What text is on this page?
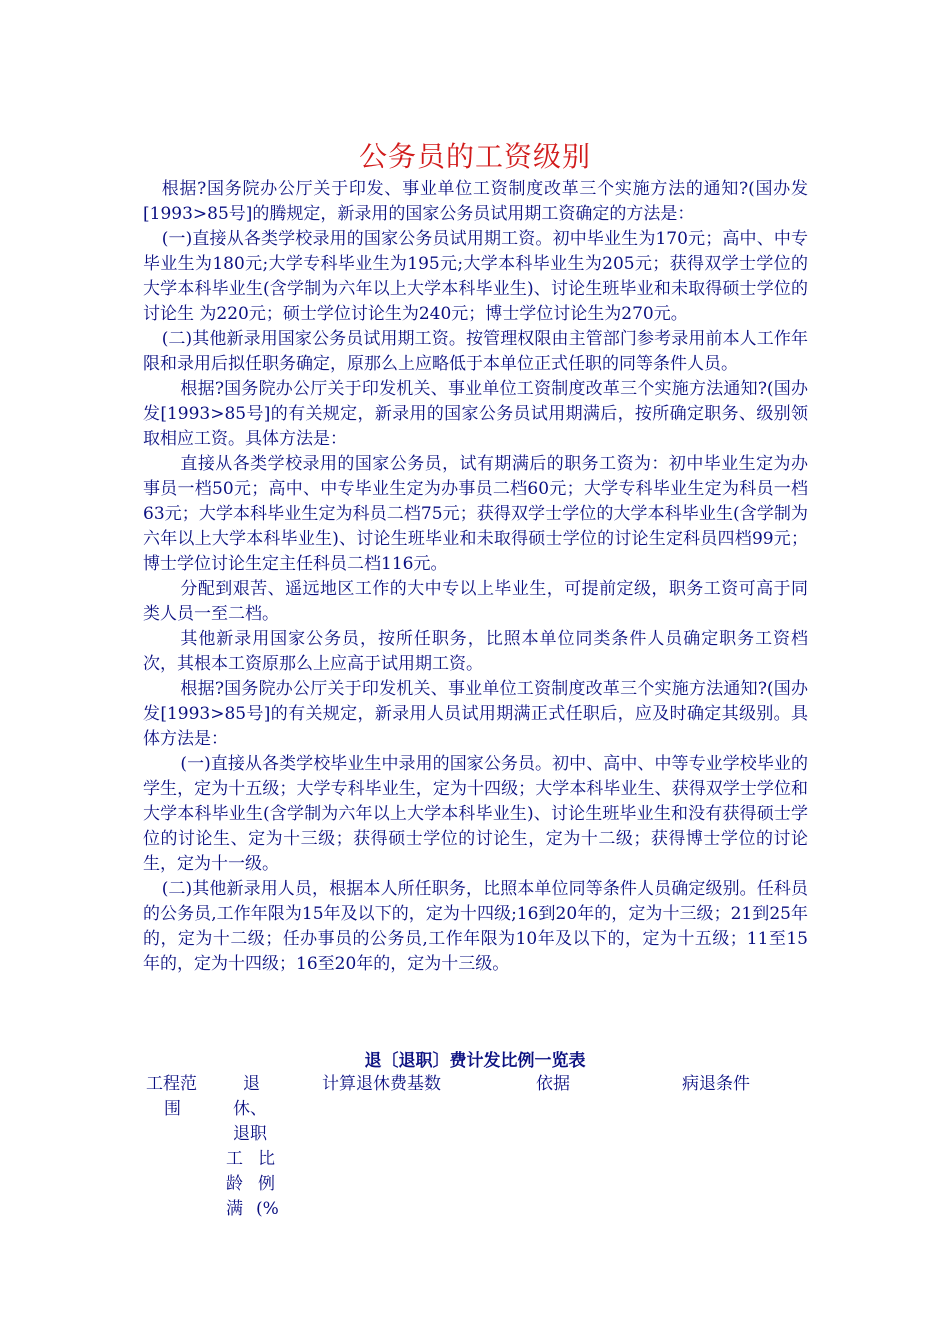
公务员的工资级别

根据?国务院办公厅关于印发、事业单位工资制度改革三个实施方法的通知?(国办发[1993>85号]的腾规定，新录用的国家公务员试用期工资确定的方法是：

(一)直接从各类学校录用的国家公务员试用期工资。初中毕业生为170元；高中、中专毕业生为180元;大学专科毕业生为195元;大学本科毕业生为205元；获得双学士学位的大学本科毕业生(含学制为六年以上大学本科毕业生)、讨论生班毕业和未取得硕士学位的讨论生 为220元；硕士学位讨论生为240元；博士学位讨论生为270元。

(二)其他新录用国家公务员试用期工资。按管理权限由主管部门参考录用前本人工作年限和录用后拟任职务确定，原那么上应略低于本单位正式任职的同等条件人员。

根据?国务院办公厅关于印发机关、事业单位工资制度改革三个实施方法通知?(国办发[1993>85号]的有关规定，新录用的国家公务员试用期满后，按所确定职务、级别领取相应工资。具体方法是：

直接从各类学校录用的国家公务员，试有期满后的职务工资为：初中毕业生定为办事员一档50元；高中、中专毕业生定为办事员二档60元；大学专科毕业生定为科员一档63元；大学本科毕业生定为科员二档75元；获得双学士学位的大学本科毕业生(含学制为六年以上大学本科毕业生)、讨论生班毕业和未取得硕士学位的讨论生定科员四档99元；博士学位讨论生定主任科员二档116元。

分配到艰苦、遥远地区工作的大中专以上毕业生，可提前定级，职务工资可高于同类人员一至二档。

其他新录用国家公务员，按所任职务，比照本单位同类条件人员确定职务工资档次，其根本工资原那么上应高于试用期工资。

根据?国务院办公厅关于印发机关、事业单位工资制度改革三个实施方法通知?(国办发[1993>85号]的有关规定，新录用人员试用期满正式任职后，应及时确定其级别。具体方法是：

(一)直接从各类学校毕业生中录用的国家公务员。初中、高中、中等专业学校毕业的学生，定为十五级；大学专科毕业生，定为十四级；大学本科毕业生、获得双学士学位和大学本科毕业生(含学制为六年以上大学本科毕业生)、讨论生班毕业生和没有获得硕士学位的讨论生、定为十三级；获得硕士学位的讨论生，定为十二级；获得博士学位的讨论生，定为十一级。

(二)其他新录用人员，根据本人所任职务，比照本单位同等条件人员确定级别。任科员的公务员,工作年限为15年及以下的，定为十四级;16到20年的，定为十三级；21到25年的，定为十二级；任办事员的公务员,工作年限为10年及以下的，定为十五级；11至15年的，定为十四级；16至20年的，定为十三级。

退〔退职〕费计发比例一览表
工程范
围
退
休、
退职
工
龄
满
比
例
(%
计算退休费基数	依据	病退条件
